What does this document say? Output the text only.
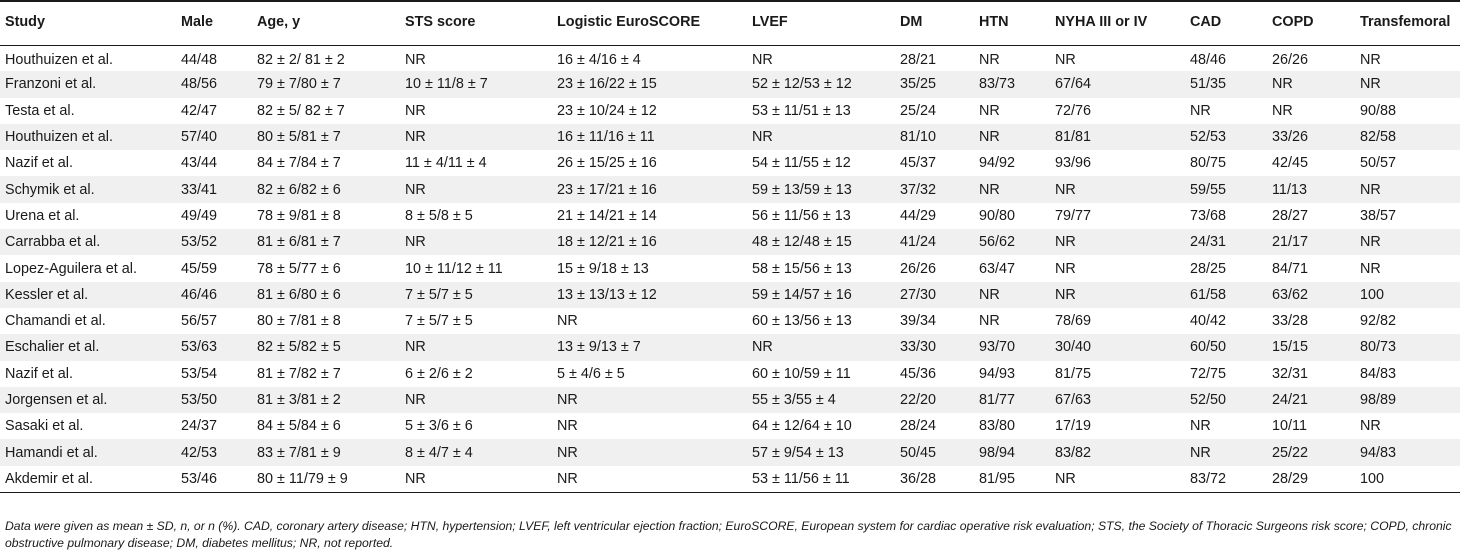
Study	Male	Age, y	STS score	Logistic EuroSCORE	LVEF	DM	HTN	NYHA III or IV	CAD	COPD	Transfemoral
Houthuizen et al.	44/48	82 ± 2/ 81 ± 2	NR	16 ± 4/16 ± 4	NR	28/21	NR	NR	48/46	26/26	NR
Franzoni et al.	48/56	79 ± 7/80 ± 7	10 ± 11/8 ± 7	23 ± 16/22 ± 15	52 ± 12/53 ± 12	35/25	83/73	67/64	51/35	NR	NR
Testa et al.	42/47	82 ± 5/ 82 ± 7	NR	23 ± 10/24 ± 12	53 ± 11/51 ± 13	25/24	NR	72/76	NR	NR	90/88
Houthuizen et al.	57/40	80 ± 5/81 ± 7	NR	16 ± 11/16 ± 11	NR	81/10	NR	81/81	52/53	33/26	82/58
Nazif et al.	43/44	84 ± 7/84 ± 7	11 ± 4/11 ± 4	26 ± 15/25 ± 16	54 ± 11/55 ± 12	45/37	94/92	93/96	80/75	42/45	50/57
Schymik et al.	33/41	82 ± 6/82 ± 6	NR	23 ± 17/21 ± 16	59 ± 13/59 ± 13	37/32	NR	NR	59/55	11/13	NR
Urena et al.	49/49	78 ± 9/81 ± 8	8 ± 5/8 ± 5	21 ± 14/21 ± 14	56 ± 11/56 ± 13	44/29	90/80	79/77	73/68	28/27	38/57
Carrabba et al.	53/52	81 ± 6/81 ± 7	NR	18 ± 12/21 ± 16	48 ± 12/48 ± 15	41/24	56/62	NR	24/31	21/17	NR
Lopez-Aguilera et al.	45/59	78 ± 5/77 ± 6	10 ± 11/12 ± 11	15 ± 9/18 ± 13	58 ± 15/56 ± 13	26/26	63/47	NR	28/25	84/71	NR
Kessler et al.	46/46	81 ± 6/80 ± 6	7 ± 5/7 ± 5	13 ± 13/13 ± 12	59 ± 14/57 ± 16	27/30	NR	NR	61/58	63/62	100
Chamandi et al.	56/57	80 ± 7/81 ± 8	7 ± 5/7 ± 5	NR	60 ± 13/56 ± 13	39/34	NR	78/69	40/42	33/28	92/82
Eschalier et al.	53/63	82 ± 5/82 ± 5	NR	13 ± 9/13 ± 7	NR	33/30	93/70	30/40	60/50	15/15	80/73
Nazif et al.	53/54	81 ± 7/82 ± 7	6 ± 2/6 ± 2	5 ± 4/6 ± 5	60 ± 10/59 ± 11	45/36	94/93	81/75	72/75	32/31	84/83
Jorgensen et al.	53/50	81 ± 3/81 ± 2	NR	NR	55 ± 3/55 ± 4	22/20	81/77	67/63	52/50	24/21	98/89
Sasaki et al.	24/37	84 ± 5/84 ± 6	5 ± 3/6 ± 6	NR	64 ± 12/64 ± 10	28/24	83/80	17/19	NR	10/11	NR
Hamandi et al.	42/53	83 ± 7/81 ± 9	8 ± 4/7 ± 4	NR	57 ± 9/54 ± 13	50/45	98/94	83/82	NR	25/22	94/83
Akdemir et al.	53/46	80 ± 11/79 ± 9	NR	NR	53 ± 11/56 ± 11	36/28	81/95	NR	83/72	28/29	100
Data were given as mean ± SD, n, or n (%). CAD, coronary artery disease; HTN, hypertension; LVEF, left ventricular ejection fraction; EuroSCORE, European system for cardiac operative risk evaluation; STS, the Society of Thoracic Surgeons risk score; COPD, chronic obstructive pulmonary disease; DM, diabetes mellitus; NR, not reported.
